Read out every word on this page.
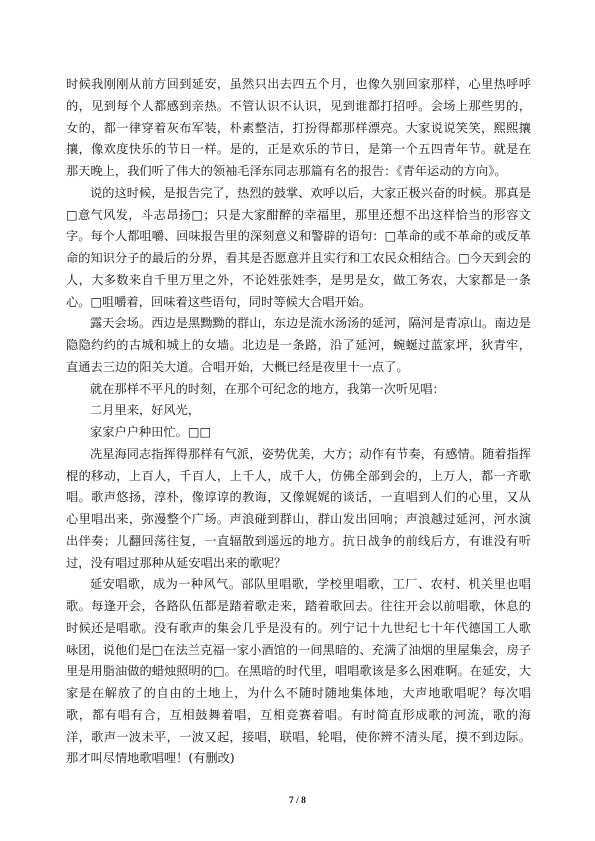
时候我刚刚从前方回到延安，虽然只出去四五个月，也像久别回家那样，心里热呼呼的，见到每个人都感到亲热。不管认识不认识，见到谁都打招呼。会场上那些男的，女的，都一律穿着灰布军装，朴素整洁，打扮得都那样漂亮。大家说说笑笑，熙熙攘攘，像欢度快乐的节日一样。是的，正是欢乐的节日，是第一个五四青年节。就是在那天晚上，我们听了伟大的领袖毛泽东同志那篇有名的报告：《青年运动的方向》。

说的这时候，是报告完了，热烈的鼓掌、欢呼以后，大家正极兴奋的时候。那真是□意气风发，斗志昂扬□；只是大家酣醉的幸福里，那里还想不出这样恰当的形容文字。每个人都咀嚼、回味报告里的深刻意义和警辟的语句：□革命的或不革命的或反革命的知识分子的最后的分界，看其是否愿意并且实行和工农民众相结合。□今天到会的人，大多数来自千里万里之外，不论姓张姓李，是男是女，做工务农，大家都是一条心。□咀嚼着，回味着这些语句，同时等候大合唱开始。

露天会场。西边是黑黝黝的群山，东边是流水汤汤的延河，隔河是青凉山。南边是隐隐约约的古城和城上的女墙。北边是一条路，沿了延河，蜿蜒过蓝家坪，狄青牢，直通去三边的阳关大道。合唱开始，大概已经是夜里十一点了。

就在那样不平凡的时刻，在那个可纪念的地方，我第一次听见唱：

二月里来，好风光，

家家户户种田忙。□□

冼星海同志指挥得那样有气派，姿势优美，大方；动作有节奏，有感情。随着指挥棍的移动，上百人，千百人，上千人，成千人，仿佛全部到会的，上万人，都一齐歌唱。歌声悠扬，淳朴，像谆谆的教诲，又像娓娓的谈话，一直唱到人们的心里，又从心里唱出来，弥漫整个广场。声浪碰到群山，群山发出回响；声浪越过延河，河水演出伴奏；儿翻回荡往复，一直辐散到遥远的地方。抗日战争的前线后方，有谁没有听过，没有唱过那种从延安唱出来的歌呢？

延安唱歌，成为一种风气。部队里唱歌，学校里唱歌，工厂、农村、机关里也唱歌。每逢开会，各路队伍都是踏着歌走来，踏着歌回去。往往开会以前唱歌，休息的时候还是唱歌。没有歌声的集会几乎是没有的。列宁记十九世纪七十年代德国工人歌咏团，说他们是□在法兰克福一家小酒馆的一间黑暗的、充满了油烟的里屋集会，房子里是用脂油做的蜡烛照明的□。在黑暗的时代里，唱唱歌该是多么困难啊。在延安，大家是在解放了的自由的土地上，为什么不随时随地集体地，大声地歌唱呢？每次唱歌，都有唱有合，互相鼓舞着唱，互相竞赛着唱。有时简直形成歌的河流，歌的海洋，歌声一波未平，一波又起，接唱，联唱，轮唱，使你辨不清头尾，摸不到边际。那才叫尽情地歌唱哩！(有删改)

7 / 8
